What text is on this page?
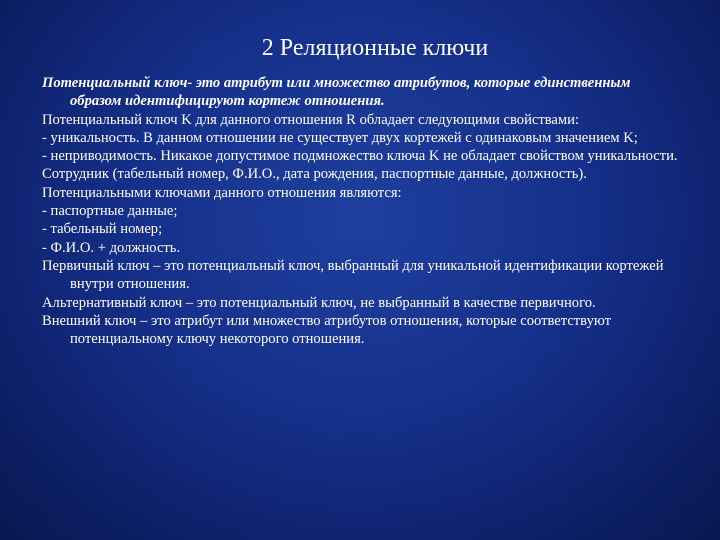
2 Реляционные ключи

Потенциальный ключ- это атрибут или множество атрибутов, которые единственным образом идентифицируют кортеж отношения.

Потенциальный ключ K для данного отношения R обладает следующими свойствами:

- уникальность. В данном отношении не существует двух кортежей с одинаковым значением K;

- неприводимость. Никакое допустимое подмножество ключа K не обладает свойством уникальности.

Сотрудник (табельный номер, Ф.И.О., дата рождения, паспортные данные, должность).

Потенциальными ключами данного отношения являются:

- паспортные данные;

- табельный номер;

- Ф.И.О. + должность.

Первичный ключ – это потенциальный ключ, выбранный для уникальной идентификации кортежей внутри отношения.

Альтернативный ключ – это потенциальный ключ, не выбранный в качестве первичного.

Внешний ключ – это атрибут или множество атрибутов отношения, которые соответствуют потенциальному ключу некоторого отношения.
